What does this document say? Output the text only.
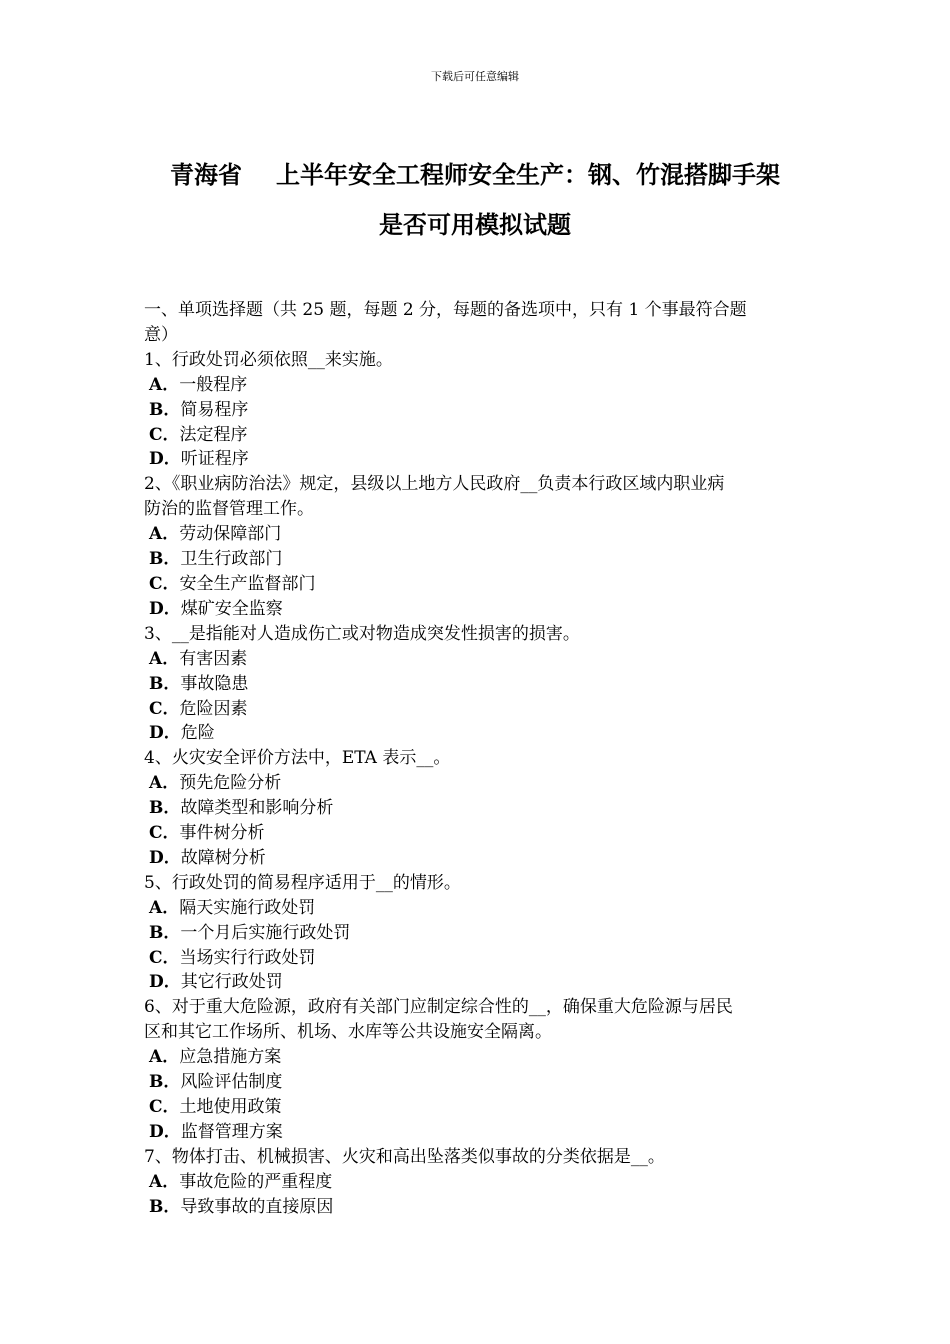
下载后可任意编辑
青海省 上半年安全工程师安全生产：钢、竹混搭脚手架
是否可用模拟试题
一、单项选择题（共 25 题，每题 2 分，每题的备选项中，只有 1 个事最符合题
意）
1、行政处罚必须依照__来实施。
A．一般程序
B．简易程序
C．法定程序
D．听证程序
2、《职业病防治法》规定，县级以上地方人民政府__负责本行政区域内职业病
防治的监督管理工作。
A．劳动保障部门
B．卫生行政部门
C．安全生产监督部门
D．煤矿安全监察
3、__是指能对人造成伤亡或对物造成突发性损害的损害。
A．有害因素
B．事故隐患
C．危险因素
D．危险
4、火灾安全评价方法中，ETA 表示__。
A．预先危险分析
B．故障类型和影响分析
C．事件树分析
D．故障树分析
5、行政处罚的简易程序适用于__的情形。
A．隔天实施行政处罚
B．一个月后实施行政处罚
C．当场实行行政处罚
D．其它行政处罚
6、对于重大危险源，政府有关部门应制定综合性的__，确保重大危险源与居民
区和其它工作场所、机场、水库等公共设施安全隔离。
A．应急措施方案
B．风险评估制度
C．土地使用政策
D．监督管理方案
7、物体打击、机械损害、火灾和高出坠落类似事故的分类依据是__。
A．事故危险的严重程度
B．导致事故的直接原因
